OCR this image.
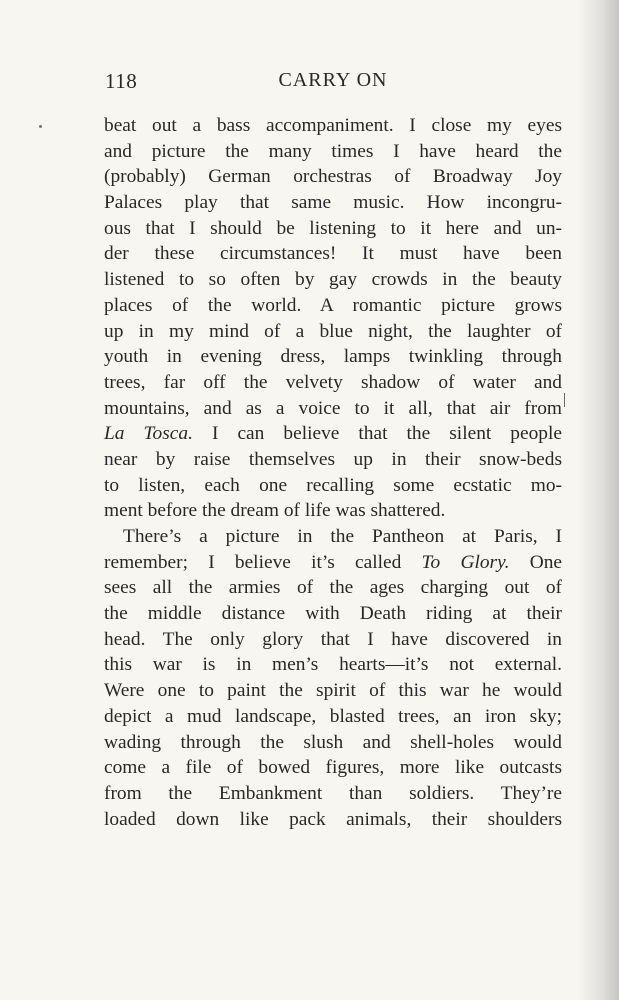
118	CARRY ON
beat out a bass accompaniment. I close my eyes
and picture the many times I have heard the
(probably) German orchestras of Broadway Joy
Palaces play that same music. How incongru-
ous that I should be listening to it here and un-
der these circumstances! It must have been
listened to so often by gay crowds in the beauty
places of the world. A romantic picture grows
up in my mind of a blue night, the laughter of
youth in evening dress, lamps twinkling through
trees, far off the velvety shadow of water and
mountains, and as a voice to it all, that air from
La Tosca. I can believe that the silent people
near by raise themselves up in their snow-beds
to listen, each one recalling some ecstatic mo-
ment before the dream of life was shattered.
There’s a picture in the Pantheon at Paris, I
remember; I believe it’s called To Glory. One
sees all the armies of the ages charging out of
the middle distance with Death riding at their
head. The only glory that I have discovered in
this war is in men’s hearts—it’s not external.
Were one to paint the spirit of this war he would
depict a mud landscape, blasted trees, an iron sky;
wading through the slush and shell-holes would
come a file of bowed figures, more like outcasts
from the Embankment than soldiers. They’re
loaded down like pack animals, their shoulders
